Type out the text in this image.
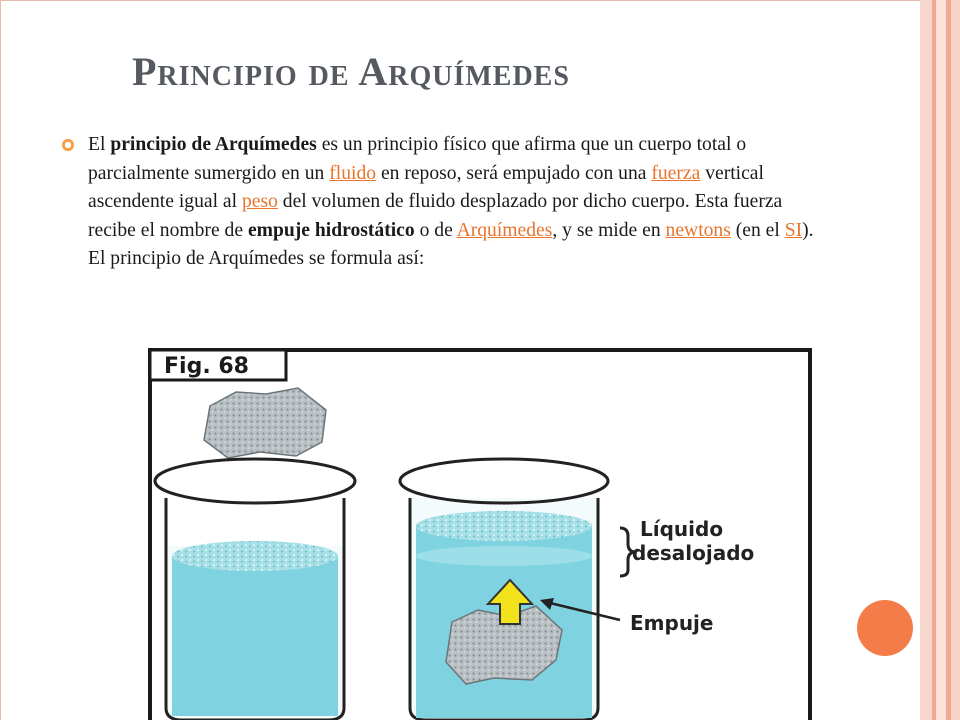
Principio de Arquímedes

El principio de Arquímedes es un principio físico que afirma que un cuerpo total o parcialmente sumergido en un fluido en reposo, será empujado con una fuerza vertical ascendente igual al peso del volumen de fluido desplazado por dicho cuerpo. Esta fuerza recibe el nombre de empuje hidrostático o de Arquímedes, y se mide en newtons (en el SI). El principio de Arquímedes se formula así:

Fig. 68
Líquido
desalojado
Empuje
